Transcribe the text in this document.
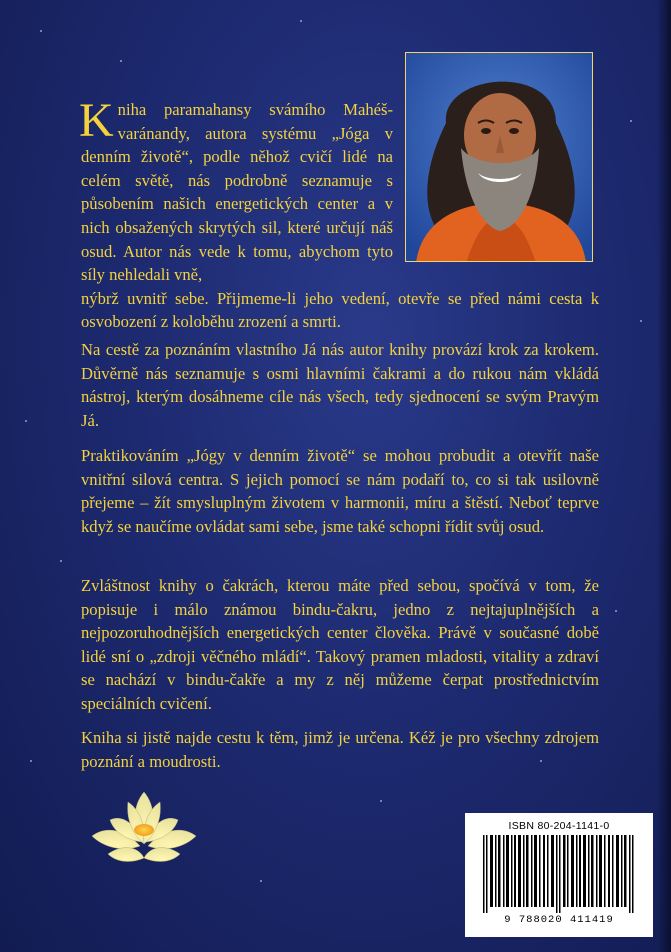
Kniha paramahansy svámího Mahéšvaránandy, autora systému „Jóga v denním životě“, podle něhož cvičí lidé na celém světě, nás podrobně seznamuje s působením našich energetických center a v nich obsažených skrytých sil, které určují náš osud. Autor nás vede k tomu, abychom tyto síly nehledali vně,
nýbrž uvnitř sebe. Přijmeme-li jeho vedení, otevře se před námi cesta k osvobození z koloběhu zrození a smrti.

Na cestě za poznáním vlastního Já nás autor knihy provází krok za krokem. Důvěrně nás seznamuje s osmi hlavními čakrami a do rukou nám vkládá nástroj, kterým dosáhneme cíle nás všech, tedy sjednocení se svým Pravým Já.

Praktikováním „Jógy v denním životě“ se mohou probudit a otevřít naše vnitřní silová centra. S jejich pomocí se nám podaří to, co si tak usilovně přejeme – žít smysluplným životem v harmonii, míru a štěstí. Neboť teprve když se naučíme ovládat sami sebe, jsme také schopni řídit svůj osud.

Zvláštnost knihy o čakrách, kterou máte před sebou, spočívá v tom, že popisuje i málo známou bindu-čakru, jedno z nejtajuplnějších a nejpozoruhodnějších energetických center člověka. Právě v současné době lidé sní o „zdroji věčného mládí“. Takový pramen mladosti, vitality a zdraví se nachází v bindu-čakře a my z něj můžeme čerpat prostřednictvím speciálních cvičení.

Kniha si jistě najde cestu k těm, jimž je určena. Kéž je pro všechny zdrojem poznání a moudrosti.

ISBN 80-204-1141-0
9 788020 411419
